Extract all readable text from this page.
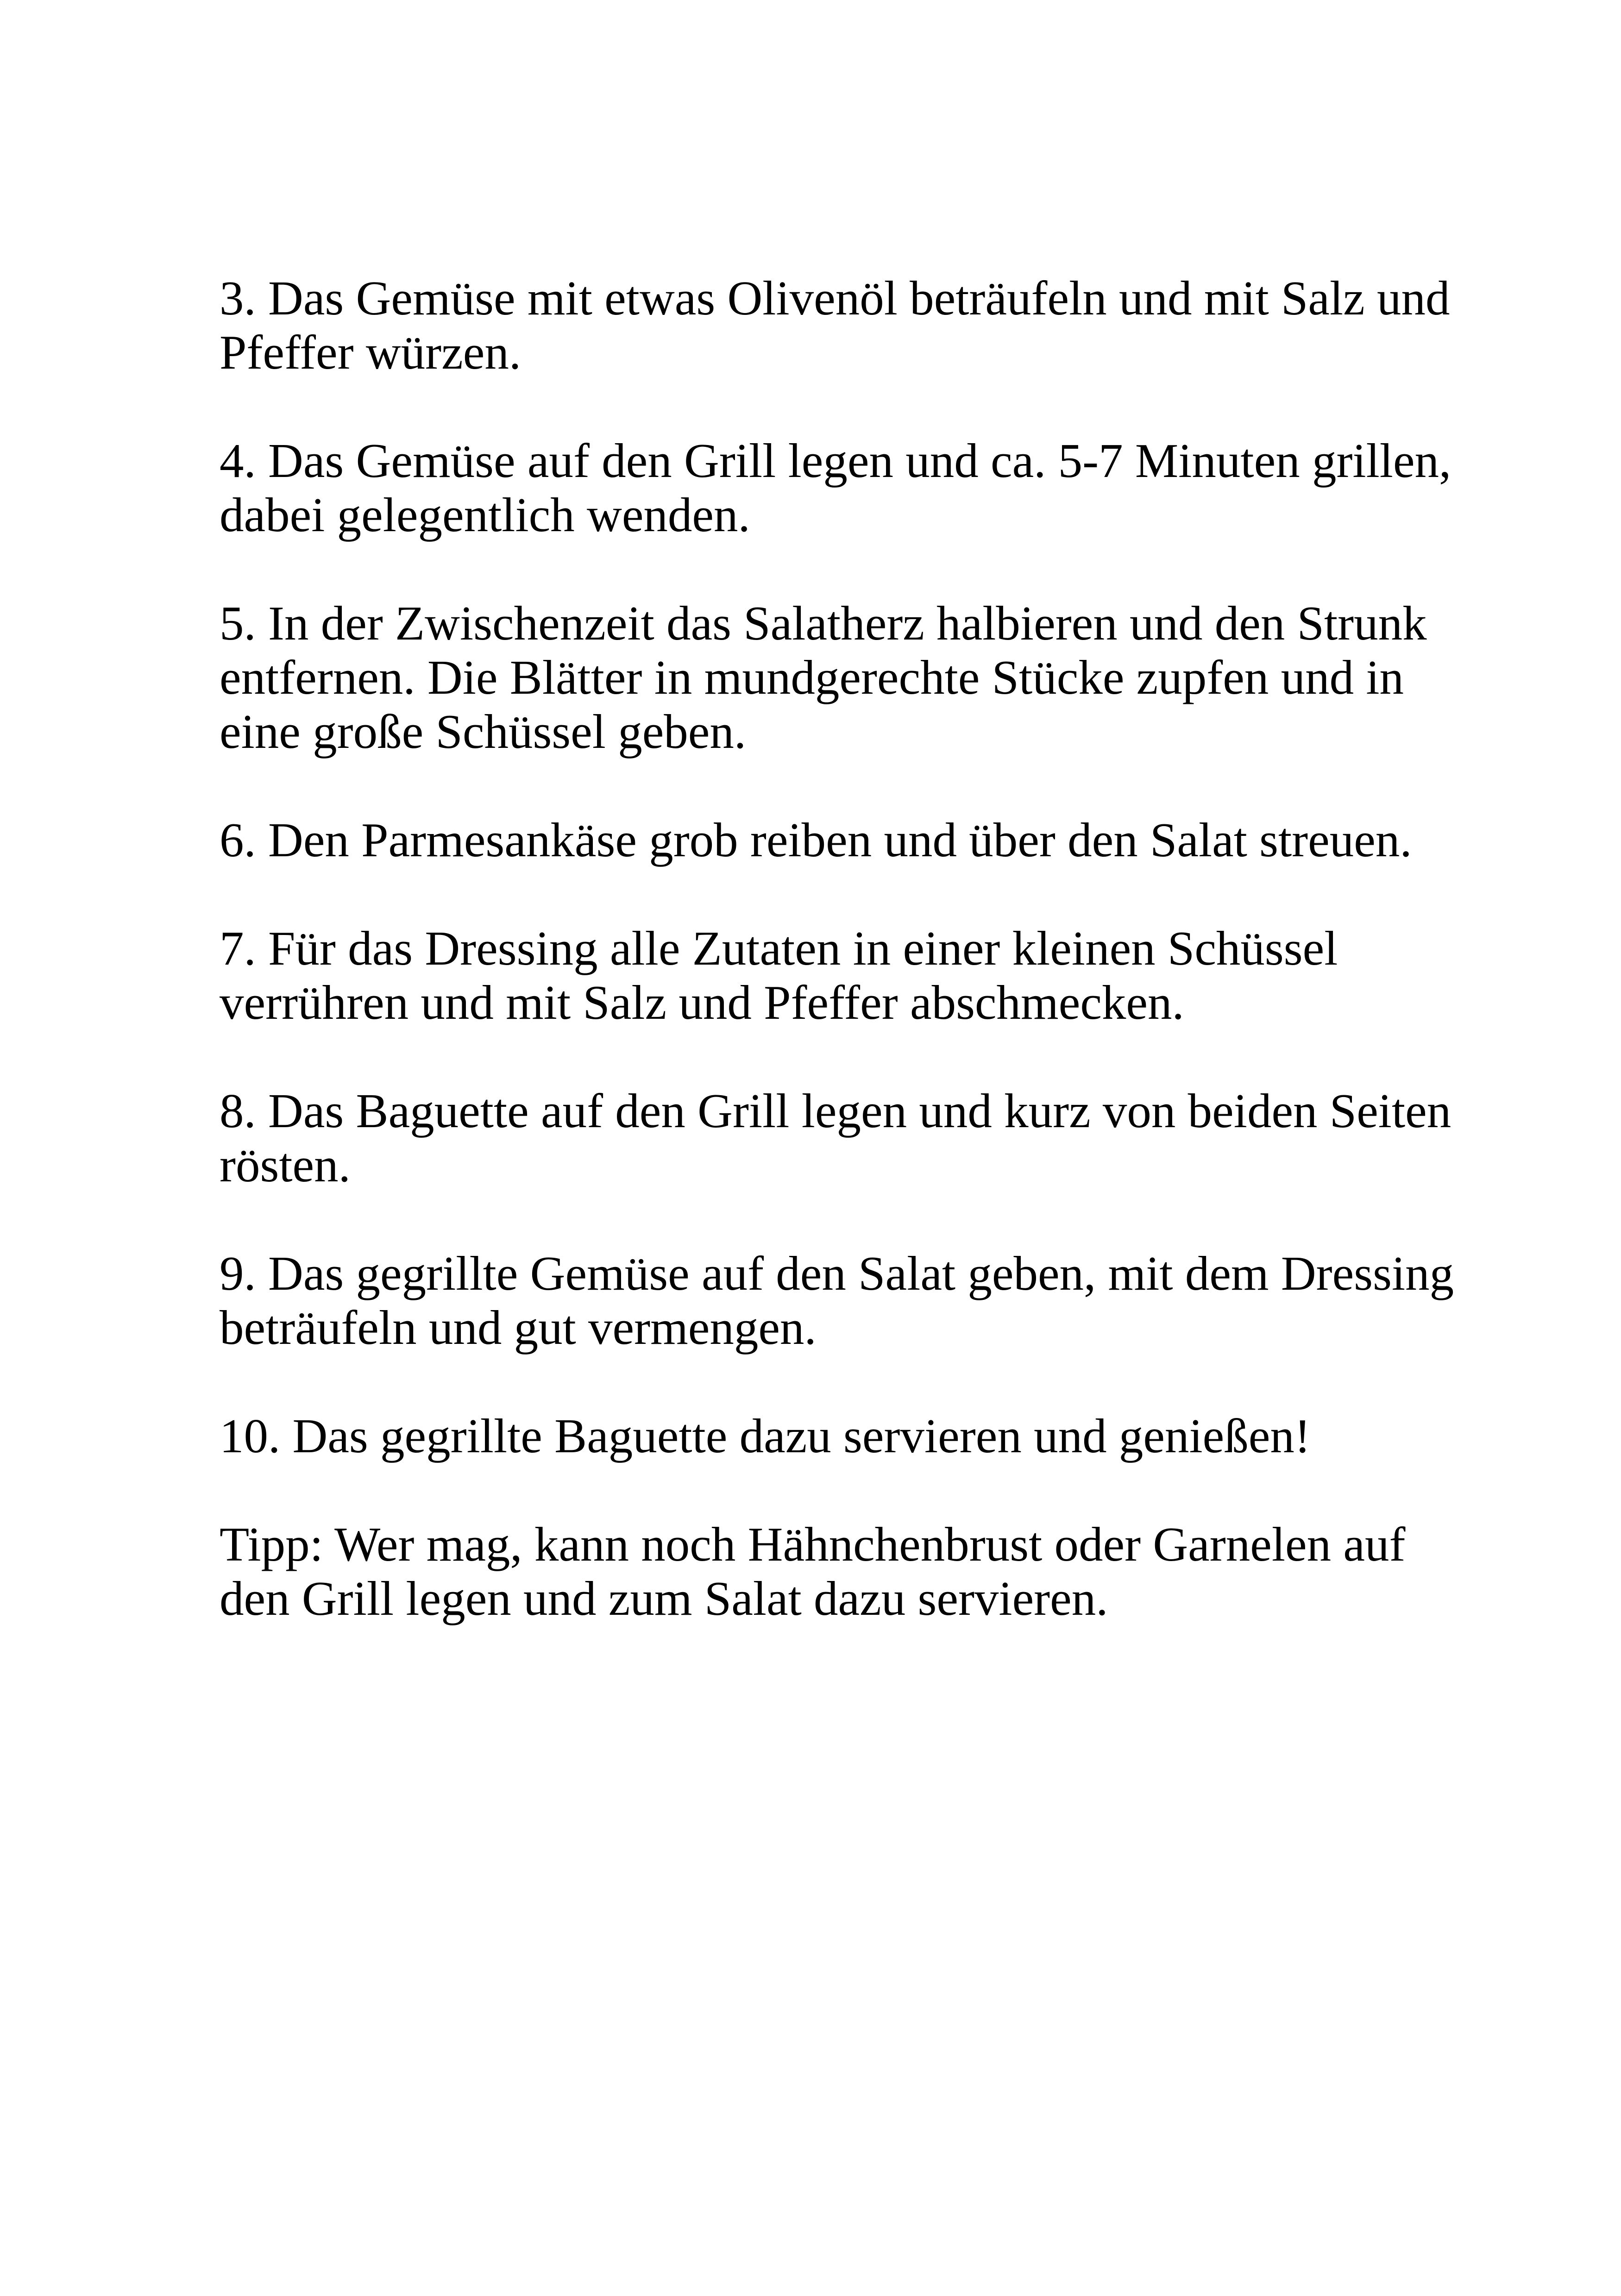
3. Das Gemüse mit etwas Olivenöl beträufeln und mit Salz und
Pfeffer würzen.

4. Das Gemüse auf den Grill legen und ca. 5-7 Minuten grillen,
dabei gelegentlich wenden.

5. In der Zwischenzeit das Salatherz halbieren und den Strunk
entfernen. Die Blätter in mundgerechte Stücke zupfen und in
eine große Schüssel geben.

6. Den Parmesankäse grob reiben und über den Salat streuen.

7. Für das Dressing alle Zutaten in einer kleinen Schüssel
verrühren und mit Salz und Pfeffer abschmecken.

8. Das Baguette auf den Grill legen und kurz von beiden Seiten
rösten.

9. Das gegrillte Gemüse auf den Salat geben, mit dem Dressing
beträufeln und gut vermengen.

10. Das gegrillte Baguette dazu servieren und genießen!

Tipp: Wer mag, kann noch Hähnchenbrust oder Garnelen auf
den Grill legen und zum Salat dazu servieren.
